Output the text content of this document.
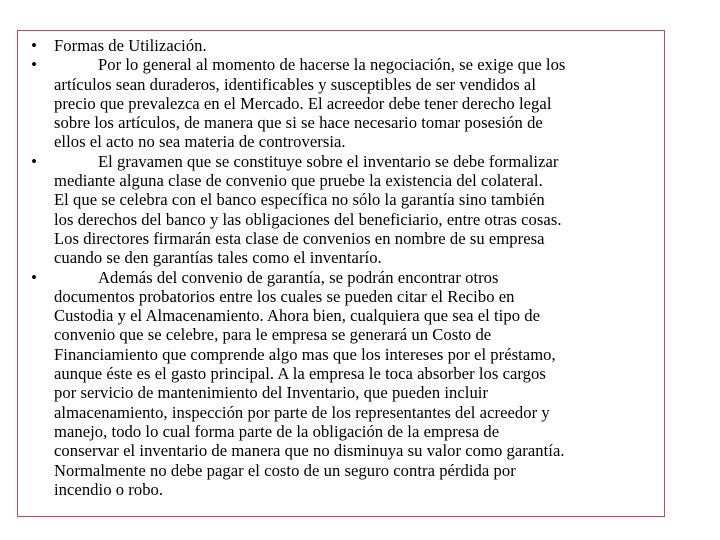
• Formas de Utilización.
•	Por lo general al momento de hacerse la negociación, se exige que los
artículos sean duraderos, identificables y susceptibles de ser vendidos al
precio que prevalezca en el Mercado. El acreedor debe tener derecho legal
sobre los artículos, de manera que si se hace necesario tomar posesión de
ellos el acto no sea materia de controversia.
•	El gravamen que se constituye sobre el inventario se debe formalizar
mediante alguna clase de convenio que pruebe la existencia del colateral.
El que se celebra con el banco específica no sólo la garantía sino también
los derechos del banco y las obligaciones del beneficiario, entre otras cosas.
Los directores firmarán esta clase de convenios en nombre de su empresa
cuando se den garantías tales como el inventarío.
•	Además del convenio de garantía, se podrán encontrar otros
documentos probatorios entre los cuales se pueden citar el Recibo en
Custodia y el Almacenamiento. Ahora bien, cualquiera que sea el tipo de
convenio que se celebre, para le empresa se generará un Costo de
Financiamiento que comprende algo mas que los intereses por el préstamo,
aunque éste es el gasto principal. A la empresa le toca absorber los cargos
por servicio de mantenimiento del Inventario, que pueden incluir
almacenamiento, inspección por parte de los representantes del acreedor y
manejo, todo lo cual forma parte de la obligación de la empresa de
conservar el inventario de manera que no disminuya su valor como garantía.
Normalmente no debe pagar el costo de un seguro contra pérdida por
incendio o robo.
